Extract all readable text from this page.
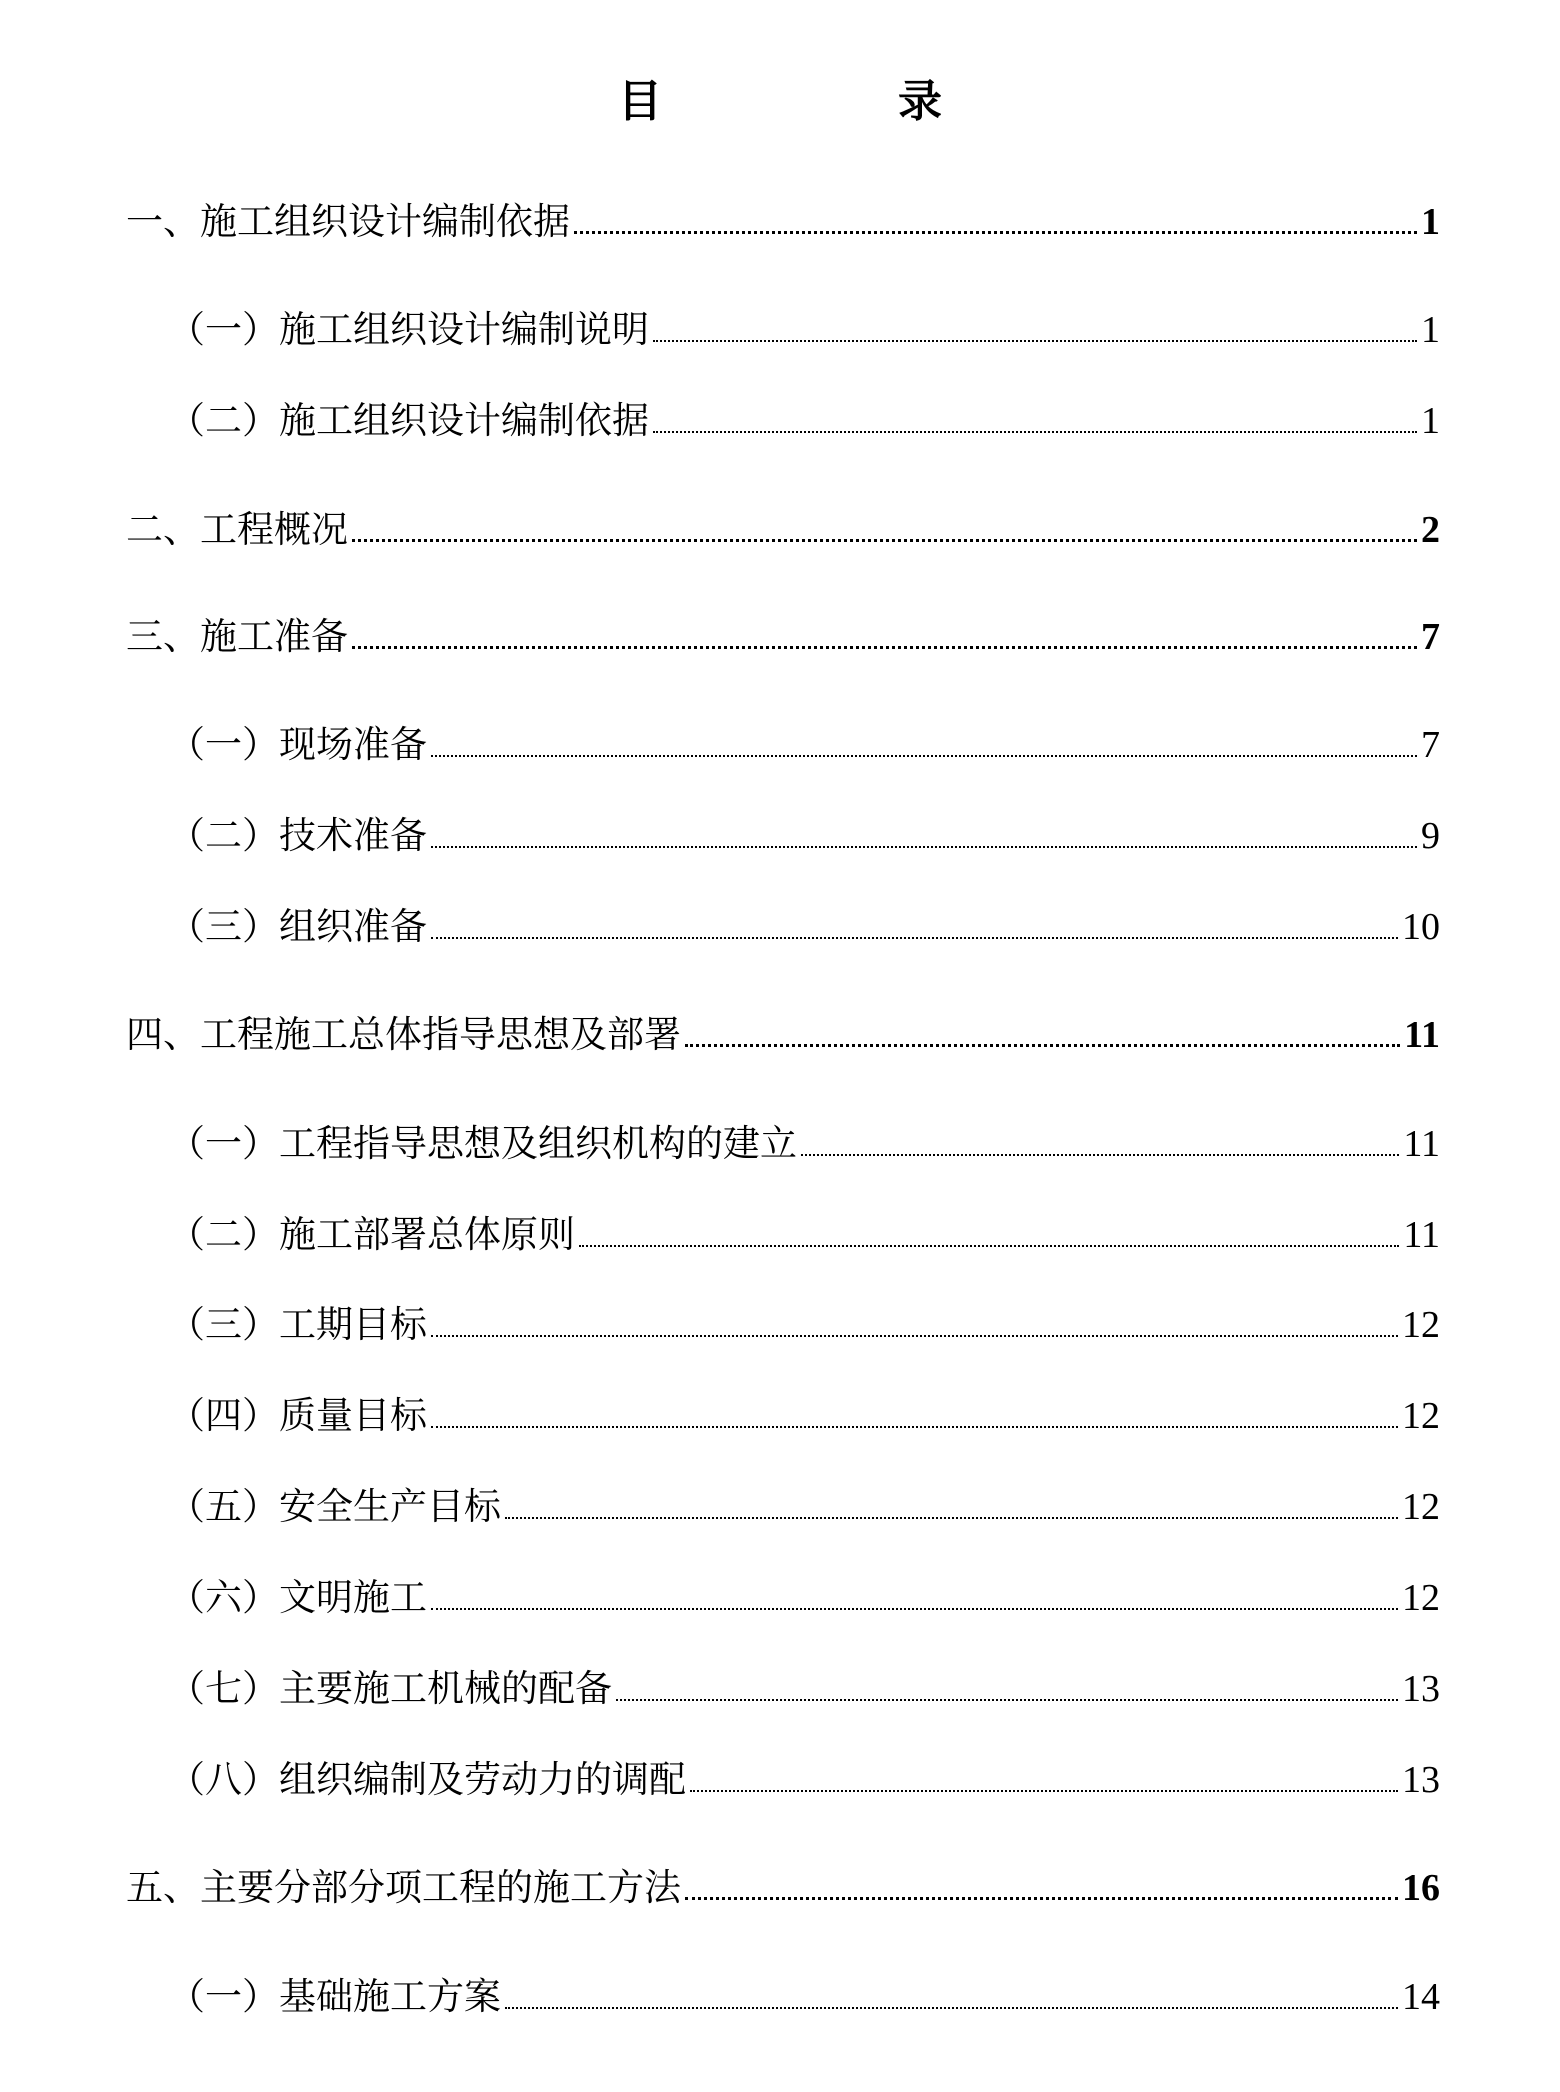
目　录
一、施工组织设计编制依据	1
（一）施工组织设计编制说明	1
（二）施工组织设计编制依据	1
二、工程概况	2
三、施工准备	7
（一）现场准备	7
（二）技术准备	9
（三）组织准备	10
四、工程施工总体指导思想及部署	11
（一）工程指导思想及组织机构的建立	11
（二）施工部署总体原则	11
（三）工期目标	12
（四）质量目标	12
（五）安全生产目标	12
（六）文明施工	12
（七）主要施工机械的配备	13
（八）组织编制及劳动力的调配	13
五、主要分部分项工程的施工方法	16
（一）基础施工方案	14
